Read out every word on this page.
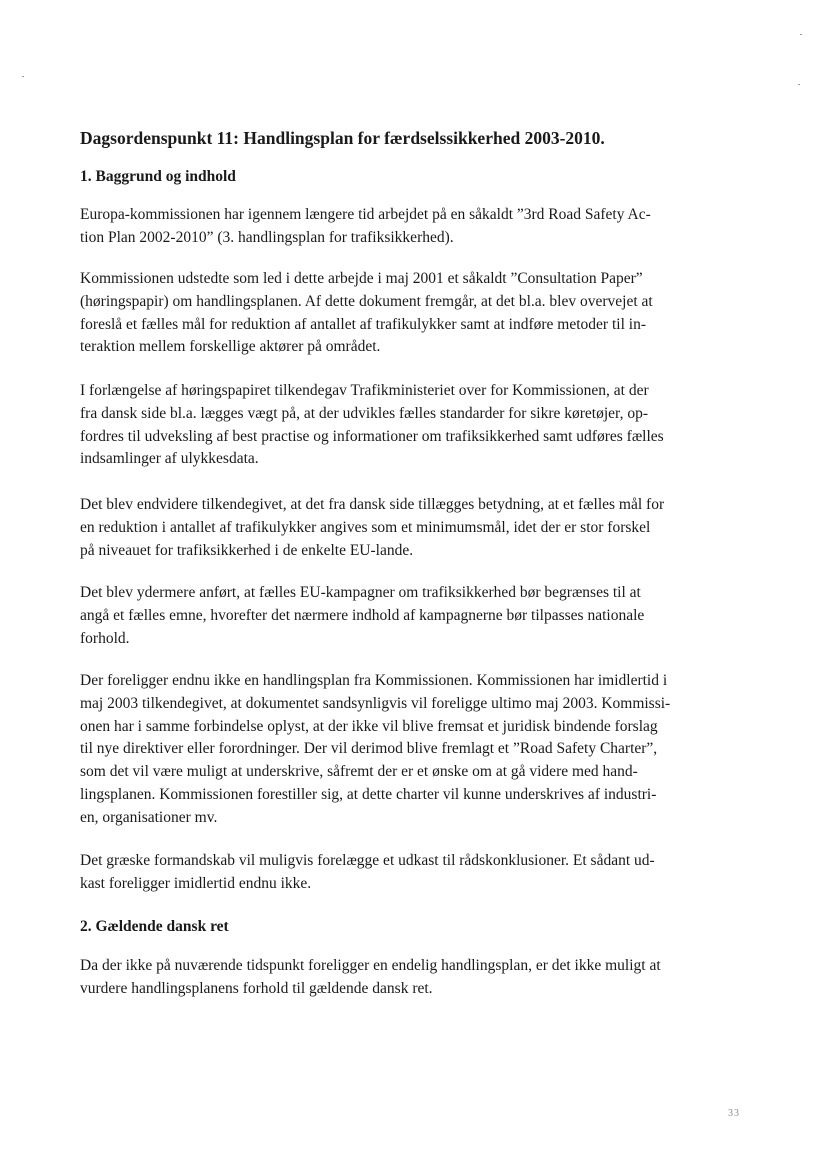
Dagsordenspunkt 11: Handlingsplan for færdselssikkerhed 2003-2010.
1. Baggrund og indhold
Europa-kommissionen har igennem længere tid arbejdet på en såkaldt ”3rd Road Safety Ac-
tion Plan 2002-2010” (3. handlingsplan for trafiksikkerhed).
Kommissionen udstedte som led i dette arbejde i maj 2001 et såkaldt ”Consultation Paper”
(høringspapir) om handlingsplanen. Af dette dokument fremgår, at det bl.a. blev overvejet at
foreslå et fælles mål for reduktion af antallet af trafikulykker samt at indføre metoder til in-
teraktion mellem forskellige aktører på området.
I forlængelse af høringspapiret tilkendegav Trafikministeriet over for Kommissionen, at der
fra dansk side bl.a. lægges vægt på, at der udvikles fælles standarder for sikre køretøjer, op-
fordres til udveksling af best practise og informationer om trafiksikkerhed samt udføres fælles
indsamlinger af ulykkesdata.
Det blev endvidere tilkendegivet, at det fra dansk side tillægges betydning, at et fælles mål for
en reduktion i antallet af trafikulykker angives som et minimumsmål, idet der er stor forskel
på niveauet for trafiksikkerhed i de enkelte EU-lande.
Det blev ydermere anført, at fælles EU-kampagner om trafiksikkerhed bør begrænses til at
angå et fælles emne, hvorefter det nærmere indhold af kampagnerne bør tilpasses nationale
forhold.
Der foreligger endnu ikke en handlingsplan fra Kommissionen. Kommissionen har imidlertid i
maj 2003 tilkendegivet, at dokumentet sandsynligvis vil foreligge ultimo maj 2003. Kommissi-
onen har i samme forbindelse oplyst, at der ikke vil blive fremsat et juridisk bindende forslag
til nye direktiver eller forordninger. Der vil derimod blive fremlagt et ”Road Safety Charter”,
som det vil være muligt at underskrive, såfremt der er et ønske om at gå videre med hand-
lingsplanen. Kommissionen forestiller sig, at dette charter vil kunne underskrives af industri-
en, organisationer mv.
Det græske formandskab vil muligvis forelægge et udkast til rådskonklusioner. Et sådant ud-
kast foreligger imidlertid endnu ikke.
2. Gældende dansk ret
Da der ikke på nuværende tidspunkt foreligger en endelig handlingsplan, er det ikke muligt at
vurdere handlingsplanens forhold til gældende dansk ret.
33
